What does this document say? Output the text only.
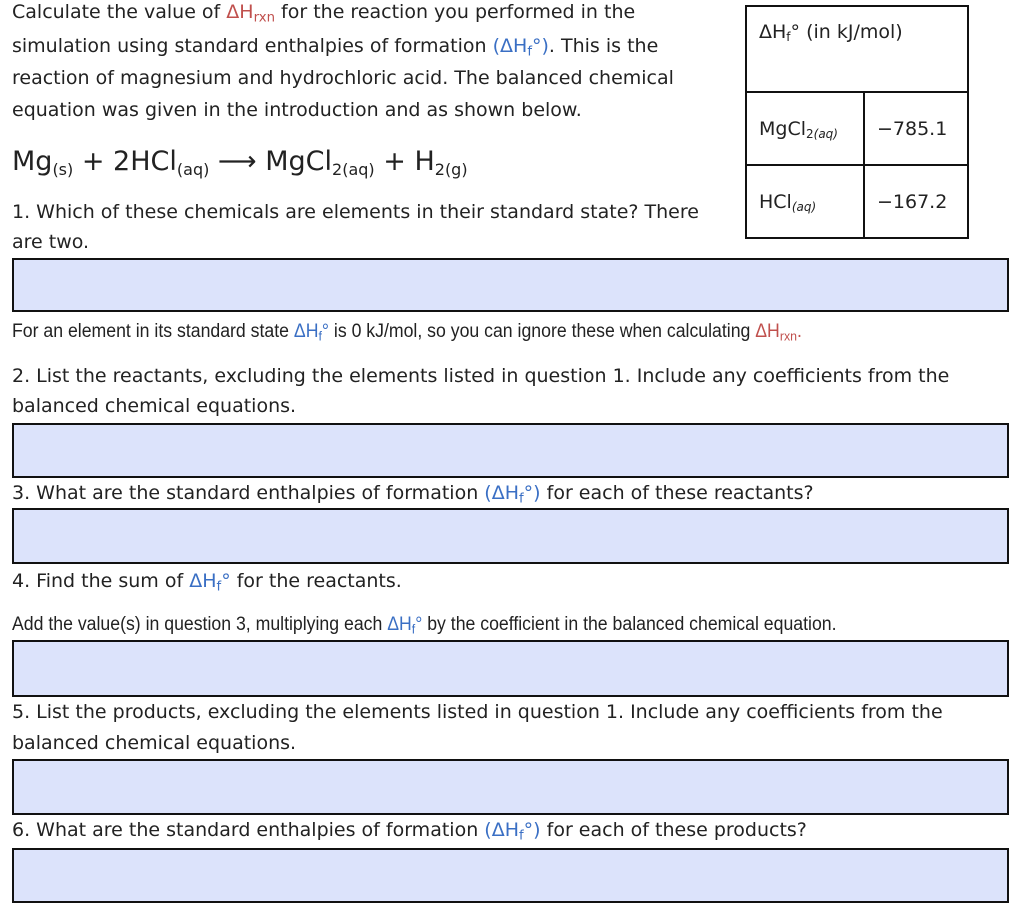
Calculate the value of $\Delta H_{rxn}$ for the reaction you performed in the
simulation using standard enthalpies of formation $(\Delta H_f^\circ)$. This is the
reaction of magnesium and hydrochloric acid. The balanced chemical
equation was given in the introduction and as shown below.
$Mg_{(s)} + 2HCl_{(aq)}$ ⟶ MgCl$_{2(aq)}$ + $H_{2(g)}$
$\Delta H_f^\circ$ (in kJ/mol)	
MgCl$_{2(aq)}$	−785.1
HCl$_{(aq)}$	−167.2
1. Which of these chemicals are elements in their standard state? There
are two.
For an element in its standard state $\Delta H_f^\circ$ is 0 kJ/mol, so you can ignore these when calculating $\Delta H_{rxn}$.
2. List the reactants, excluding the elements listed in question 1. Include any coefficients from the
balanced chemical equations.
3. What are the standard enthalpies of formation $(\Delta H_f^\circ)$ for each of these reactants?
4. Find the sum of $\Delta H_f^\circ$ for the reactants.
Add the value(s) in question 3, multiplying each $\Delta H_f^\circ$ by the coefficient in the balanced chemical equation.
5. List the products, excluding the elements listed in question 1. Include any coefficients from the
balanced chemical equations.
6. What are the standard enthalpies of formation $(\Delta H_f^\circ)$ for each of these products?
